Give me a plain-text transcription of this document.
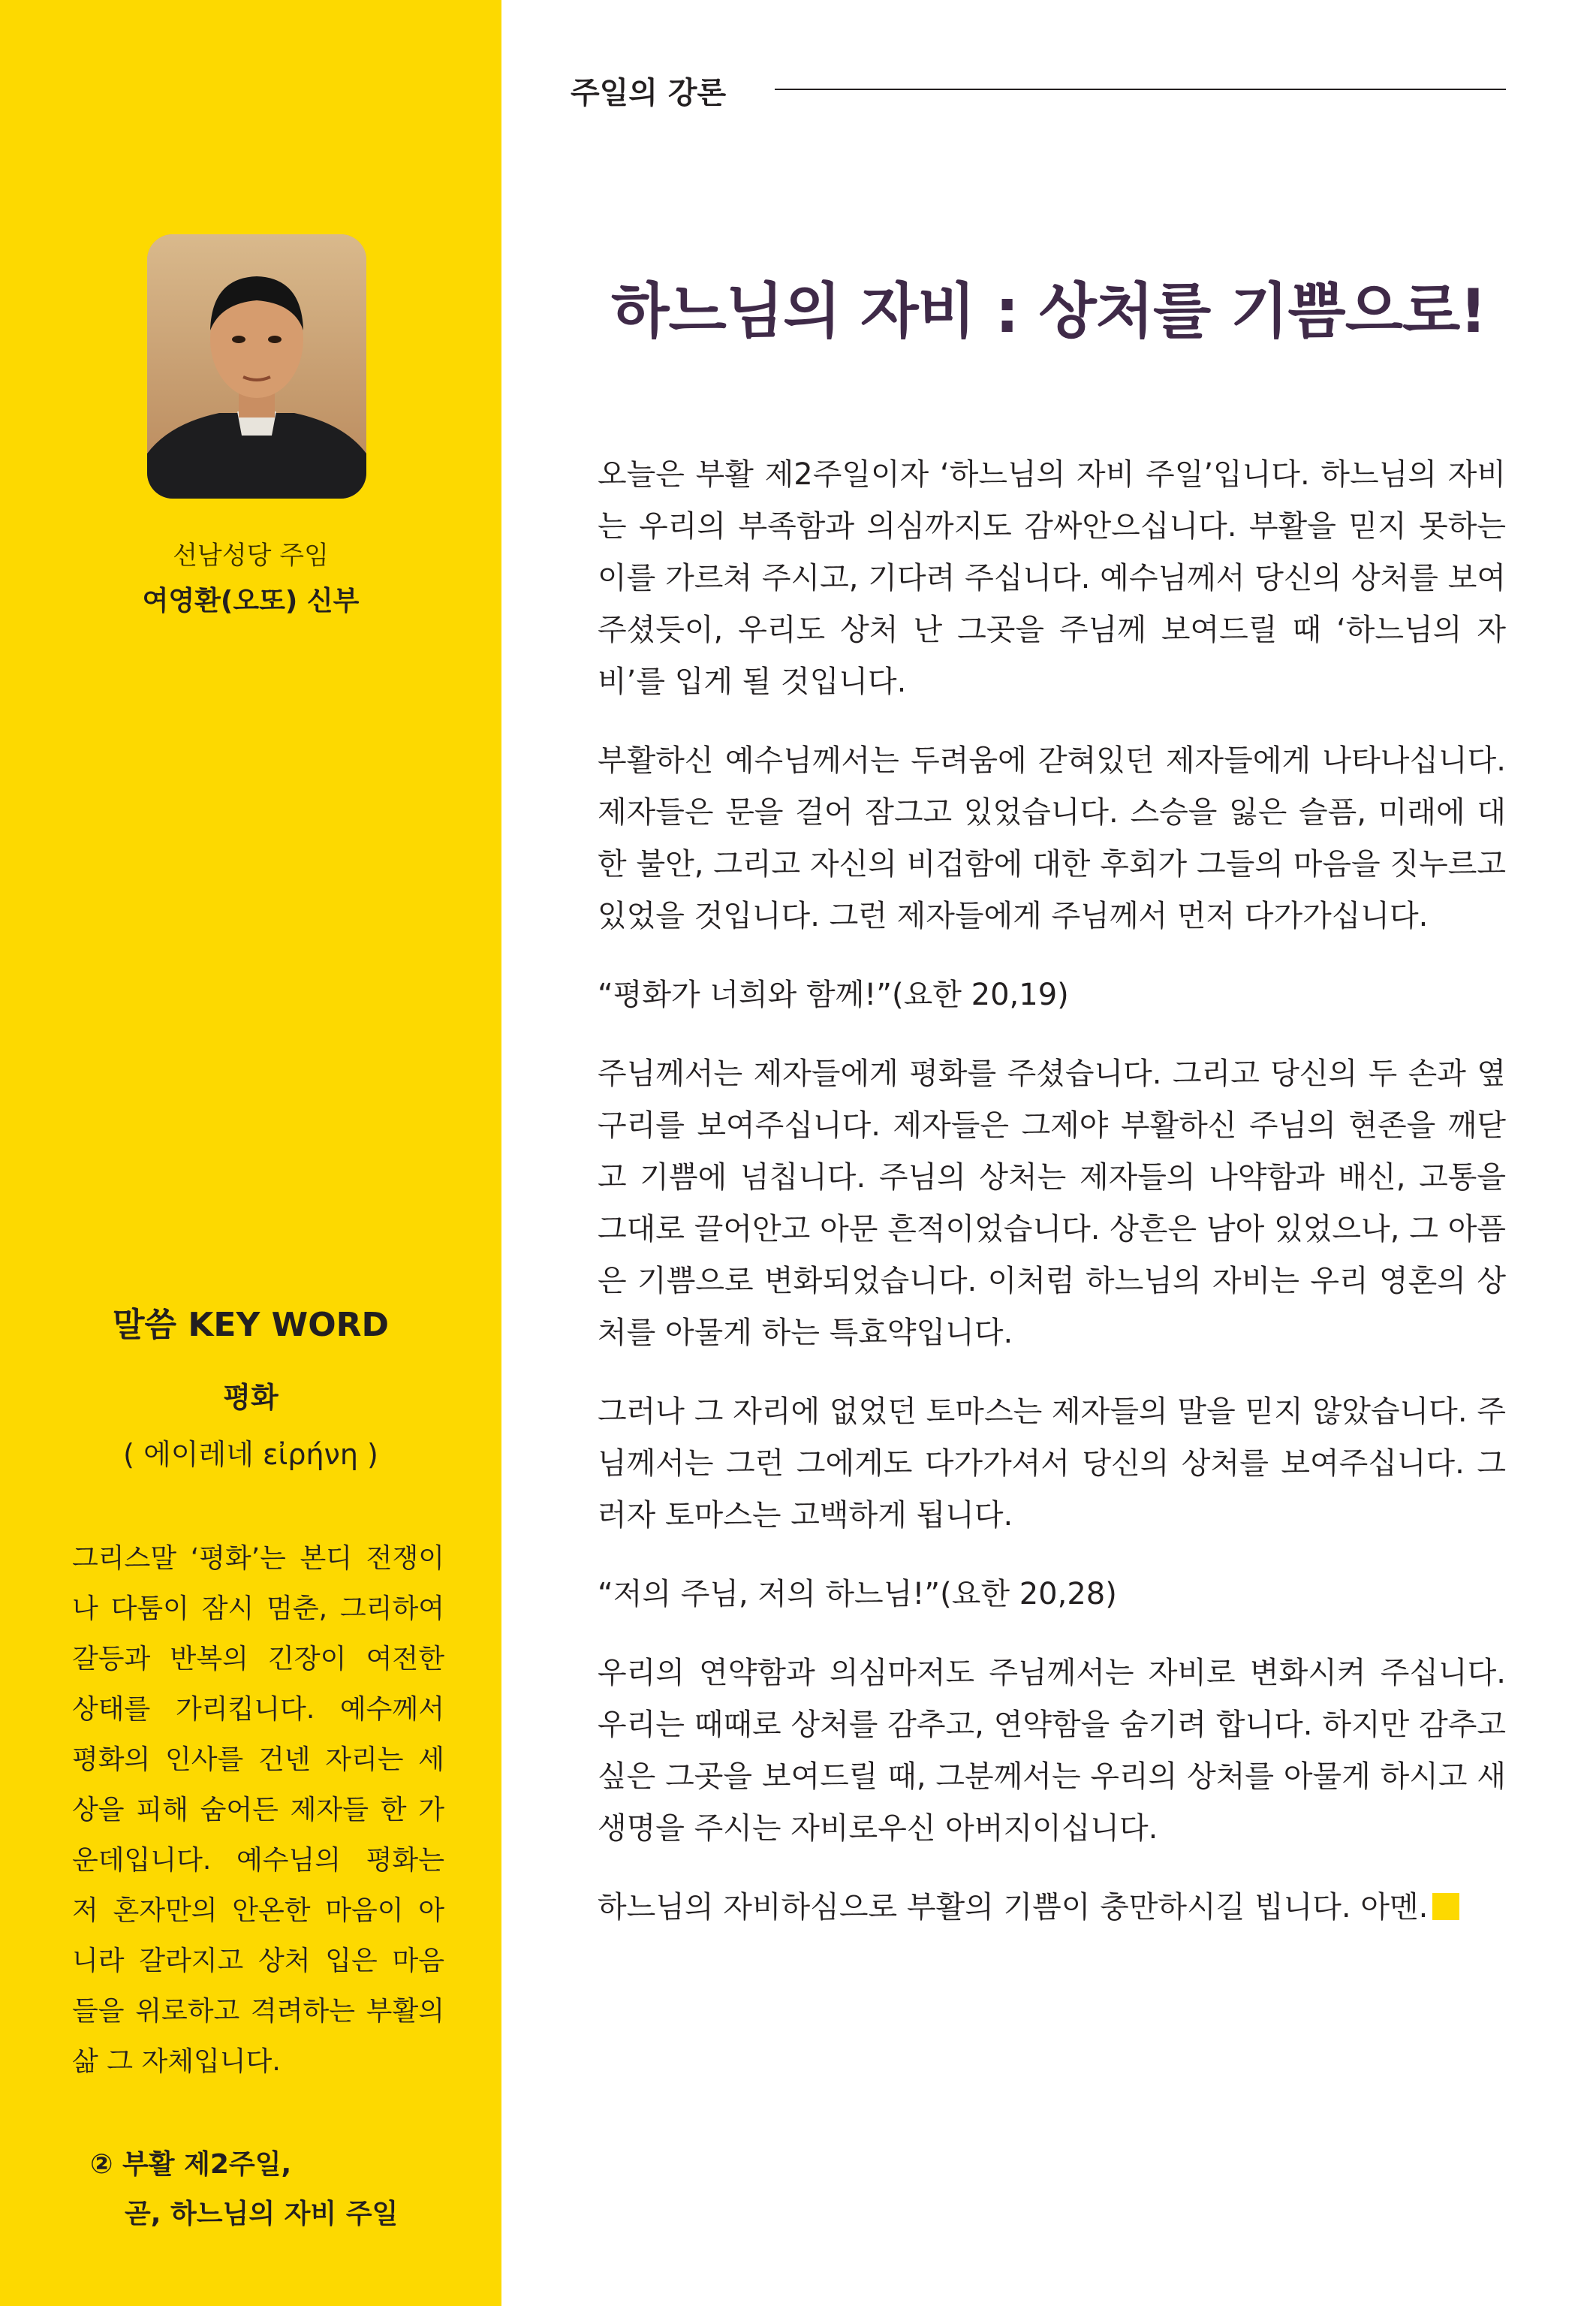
선남성당 주임
여영환(오또) 신부
말씀 KEY WORD
평화
( 에이레네 εἰρήνη )
그리스말 ‘평화’는 본디 전쟁이나 다툼이 잠시 멈춘, 그리하여 갈등과 반복의 긴장이 여전한 상태를 가리킵니다. 예수께서 평화의 인사를 건넨 자리는 세상을 피해 숨어든 제자들 한 가운데입니다. 예수님의 평화는 저 혼자만의 안온한 마음이 아니라 갈라지고 상처 입은 마음들을 위로하고 격려하는 부활의 삶 그 자체입니다.
② 부활 제2주일,
곧, 하느님의 자비 주일
주일의 강론
하느님의 자비 : 상처를 기쁨으로!

오늘은 부활 제2주일이자 ‘하느님의 자비 주일’입니다. 하느님의 자비는 우리의 부족함과 의심까지도 감싸안으십니다. 부활을 믿지 못하는 이를 가르쳐 주시고, 기다려 주십니다. 예수님께서 당신의 상처를 보여주셨듯이, 우리도 상처 난 그곳을 주님께 보여드릴 때 ‘하느님의 자비’를 입게 될 것입니다.

부활하신 예수님께서는 두려움에 갇혀있던 제자들에게 나타나십니다. 제자들은 문을 걸어 잠그고 있었습니다. 스승을 잃은 슬픔, 미래에 대한 불안, 그리고 자신의 비겁함에 대한 후회가 그들의 마음을 짓누르고 있었을 것입니다. 그런 제자들에게 주님께서 먼저 다가가십니다.

“평화가 너희와 함께!”(요한 20,19)

주님께서는 제자들에게 평화를 주셨습니다. 그리고 당신의 두 손과 옆구리를 보여주십니다. 제자들은 그제야 부활하신 주님의 현존을 깨닫고 기쁨에 넘칩니다. 주님의 상처는 제자들의 나약함과 배신, 고통을 그대로 끌어안고 아문 흔적이었습니다. 상흔은 남아 있었으나, 그 아픔은 기쁨으로 변화되었습니다. 이처럼 하느님의 자비는 우리 영혼의 상처를 아물게 하는 특효약입니다.

그러나 그 자리에 없었던 토마스는 제자들의 말을 믿지 않았습니다. 주님께서는 그런 그에게도 다가가셔서 당신의 상처를 보여주십니다. 그러자 토마스는 고백하게 됩니다.

“저의 주님, 저의 하느님!”(요한 20,28)

우리의 연약함과 의심마저도 주님께서는 자비로 변화시켜 주십니다. 우리는 때때로 상처를 감추고, 연약함을 숨기려 합니다. 하지만 감추고 싶은 그곳을 보여드릴 때, 그분께서는 우리의 상처를 아물게 하시고 새 생명을 주시는 자비로우신 아버지이십니다.

하느님의 자비하심으로 부활의 기쁨이 충만하시길 빕니다. 아멘.
